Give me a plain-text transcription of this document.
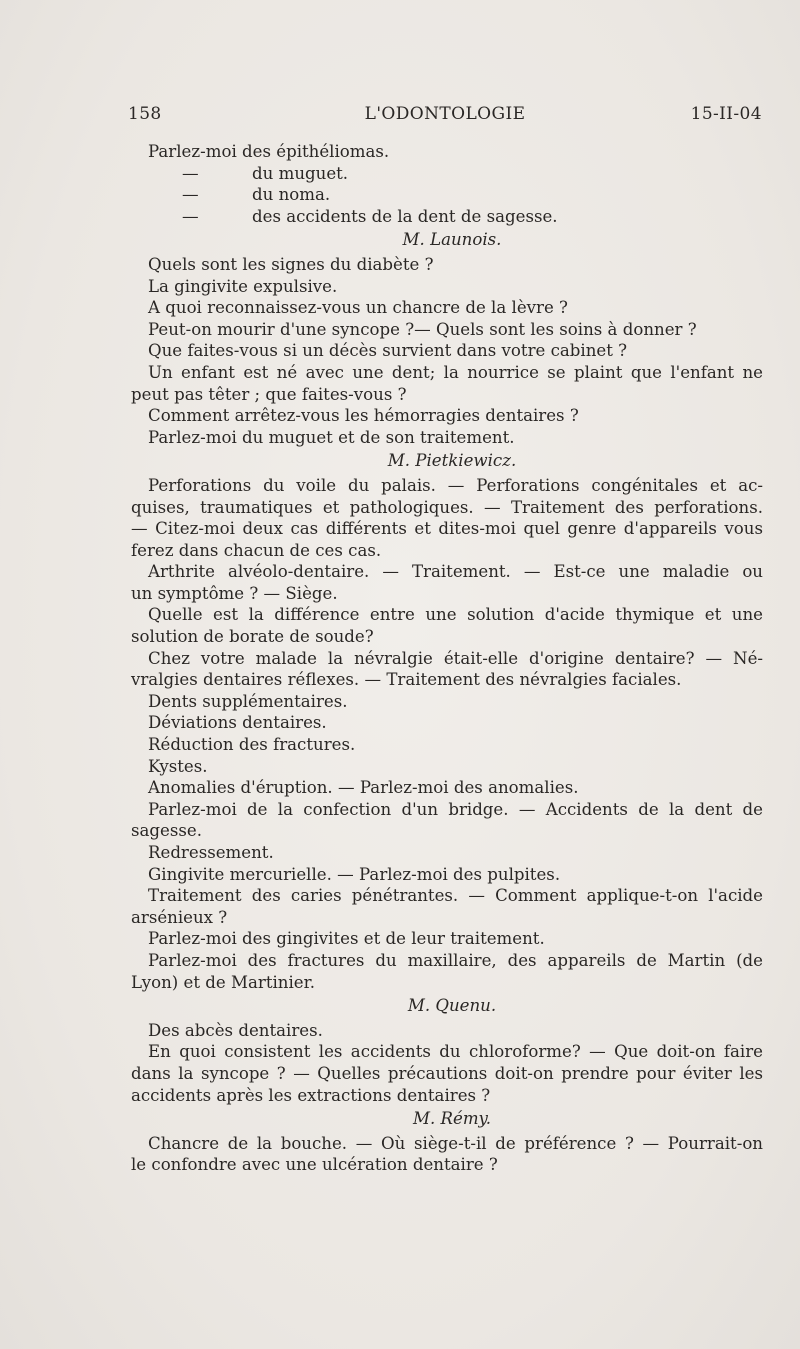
158	L'ODONTOLOGIE	15-II-04
Parlez-moi des épithéliomas.
—	du muguet.
—	du noma.
—	des accidents de la dent de sagesse.
M. Launois.
Quels sont les signes du diabète ?
La gingivite expulsive.
A quoi reconnaissez-vous un chancre de la lèvre ?
Peut-on mourir d'une syncope ?— Quels sont les soins à donner ?
Que faites-vous si un décès survient dans votre cabinet ?
Un enfant est né avec une dent; la nourrice se plaint que l'enfant ne
peut pas têter ; que faites-vous ?
Comment arrêtez-vous les hémorragies dentaires ?
Parlez-moi du muguet et de son traitement.
M. Pietkiewicz.
Perforations du voile du palais. — Perforations congénitales et ac-
quises, traumatiques et pathologiques. — Traitement des perforations.
— Citez-moi deux cas différents et dites-moi quel genre d'appareils vous
ferez dans chacun de ces cas.
Arthrite alvéolo-dentaire. — Traitement. — Est-ce une maladie ou
un symptôme ? — Siège.
Quelle est la différence entre une solution d'acide thymique et une
solution de borate de soude?
Chez votre malade la névralgie était-elle d'origine dentaire? — Né-
vralgies dentaires réflexes. — Traitement des névralgies faciales.
Dents supplémentaires.
Déviations dentaires.
Réduction des fractures.
Kystes.
Anomalies d'éruption. — Parlez-moi des anomalies.
Parlez-moi de la confection d'un bridge. — Accidents de la dent de
sagesse.
Redressement.
Gingivite mercurielle. — Parlez-moi des pulpites.
Traitement des caries pénétrantes. — Comment applique-t-on l'acide
arsénieux ?
Parlez-moi des gingivites et de leur traitement.
Parlez-moi des fractures du maxillaire, des appareils de Martin (de
Lyon) et de Martinier.
M. Quenu.
Des abcès dentaires.
En quoi consistent les accidents du chloroforme? — Que doit-on faire
dans la syncope ? — Quelles précautions doit-on prendre pour éviter les
accidents après les extractions dentaires ?
M. Rémy.
Chancre de la bouche. — Où siège-t-il de préférence ? — Pourrait-on
le confondre avec une ulcération dentaire ?
